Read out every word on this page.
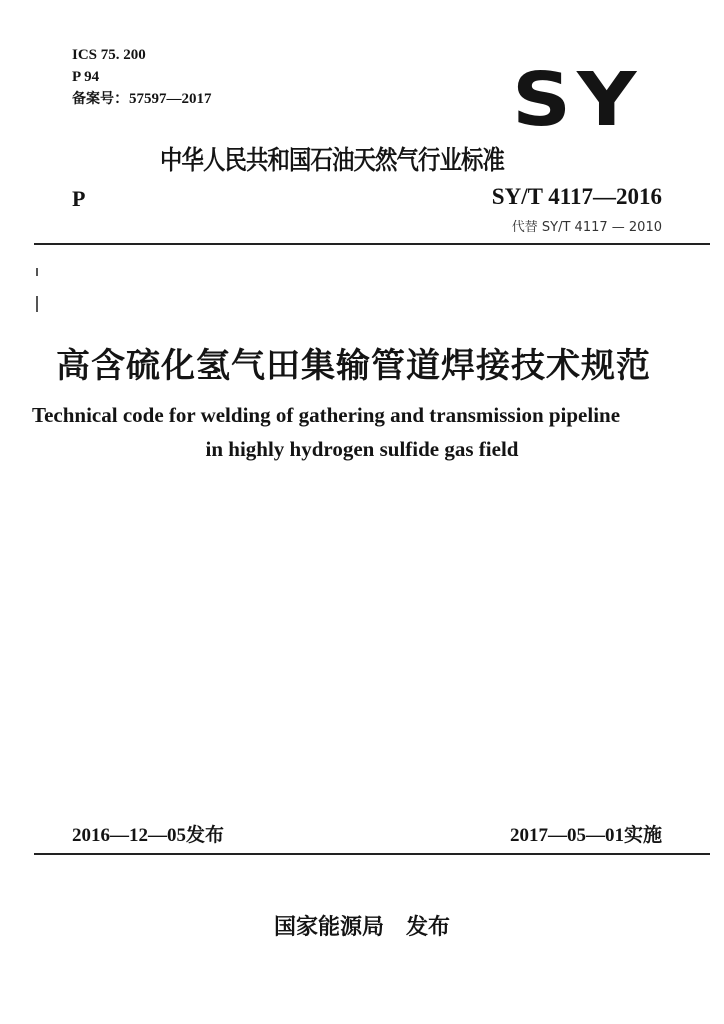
ICS 75. 200
P 94
备案号：57597—2017	SY
中华人民共和国石油天然气行业标准
P	SY/T 4117—2016
代替 SY/T 4117 — 2010
高含硫化氢气田集输管道焊接技术规范
Technical code for welding of gathering and transmission pipeline
in highly hydrogen sulfide gas field
2016—12—05发布	2017—05—01实施
国家能源局 发布
